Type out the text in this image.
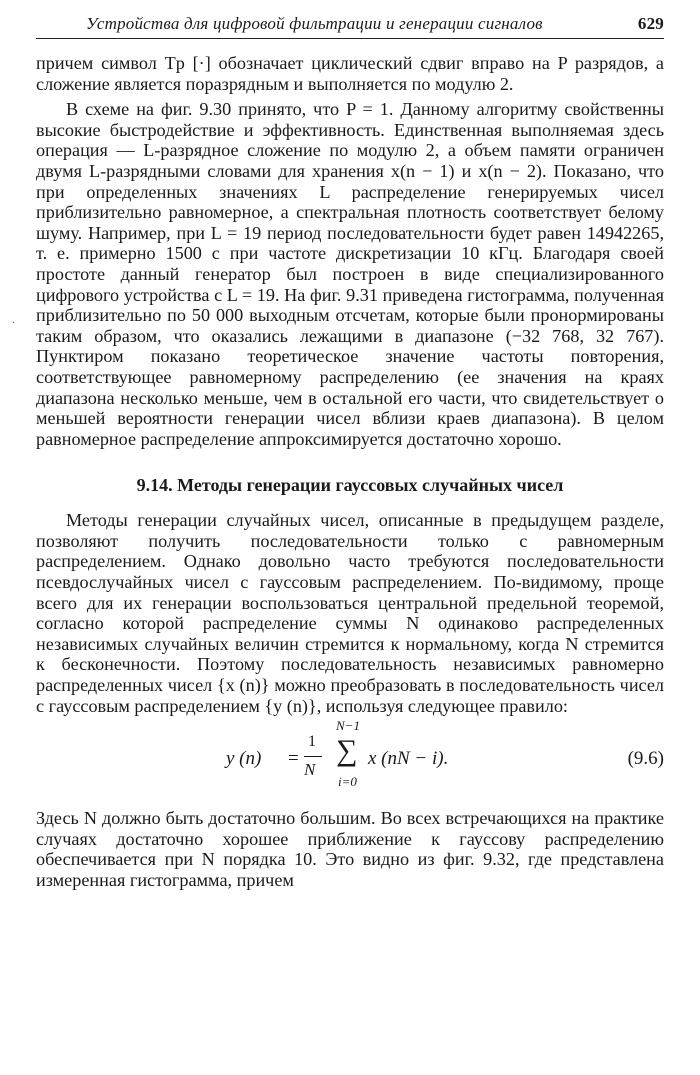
Устройства для цифровой фильтрации и генерации сигналов	629

причем символ Tp [·] обозначает циклический сдвиг вправо на P разрядов, а сложение является поразрядным и выполняется по модулю 2.

В схеме на фиг. 9.30 принято, что P = 1. Данному алгоритму свойственны высокие быстродействие и эффективность. Единственная выполняемая здесь операция — L-разрядное сложение по модулю 2, а объем памяти ограничен двумя L-разрядными словами для хранения x(n − 1) и x(n − 2). Показано, что при определенных значениях L распределение генерируемых чисел приблизительно равномерное, а спектральная плотность соответствует белому шуму. Например, при L = 19 период последовательности будет равен 14942265, т. е. примерно 1500 с при частоте дискретизации 10 кГц. Благодаря своей простоте данный генератор был построен в виде специализированного цифрового устройства с L = 19. На фиг. 9.31 приведена гистограмма, полученная приблизительно по 50 000 выходным отсчетам, которые были пронормированы таким образом, что оказались лежащими в диапазоне (−32 768, 32 767). Пунктиром показано теоретическое значение частоты повторения, соответствующее равномерному распределению (ее значения на краях диапазона несколько меньше, чем в остальной его части, что свидетельствует о меньшей вероятности генерации чисел вблизи краев диапазона). В целом равномерное распределение аппроксимируется достаточно хорошо.

9.14. Методы генерации гауссовых случайных чисел

Методы генерации случайных чисел, описанные в предыдущем разделе, позволяют получить последовательности только с равномерным распределением. Однако довольно часто требуются последовательности псевдослучайных чисел с гауссовым распределением. По-видимому, проще всего для их генерации воспользоваться центральной предельной теоремой, согласно которой распределение суммы N одинаково распределенных независимых случайных величин стремится к нормальному, когда N стремится к бесконечности. Поэтому последовательность независимых равномерно распределенных чисел {x (n)} можно преобразовать в последовательность чисел с гауссовым распределением {y (n)}, используя следующее правило:

y (n) =
1
N
N−1
∑
i=0
x (nN − i).	(9.6)

Здесь N должно быть достаточно большим. Во всех встречающихся на практике случаях достаточно хорошее приближение к гауссову распределению обеспечивается при N порядка 10. Это видно из фиг. 9.32, где представлена измеренная гистограмма, причем

·
